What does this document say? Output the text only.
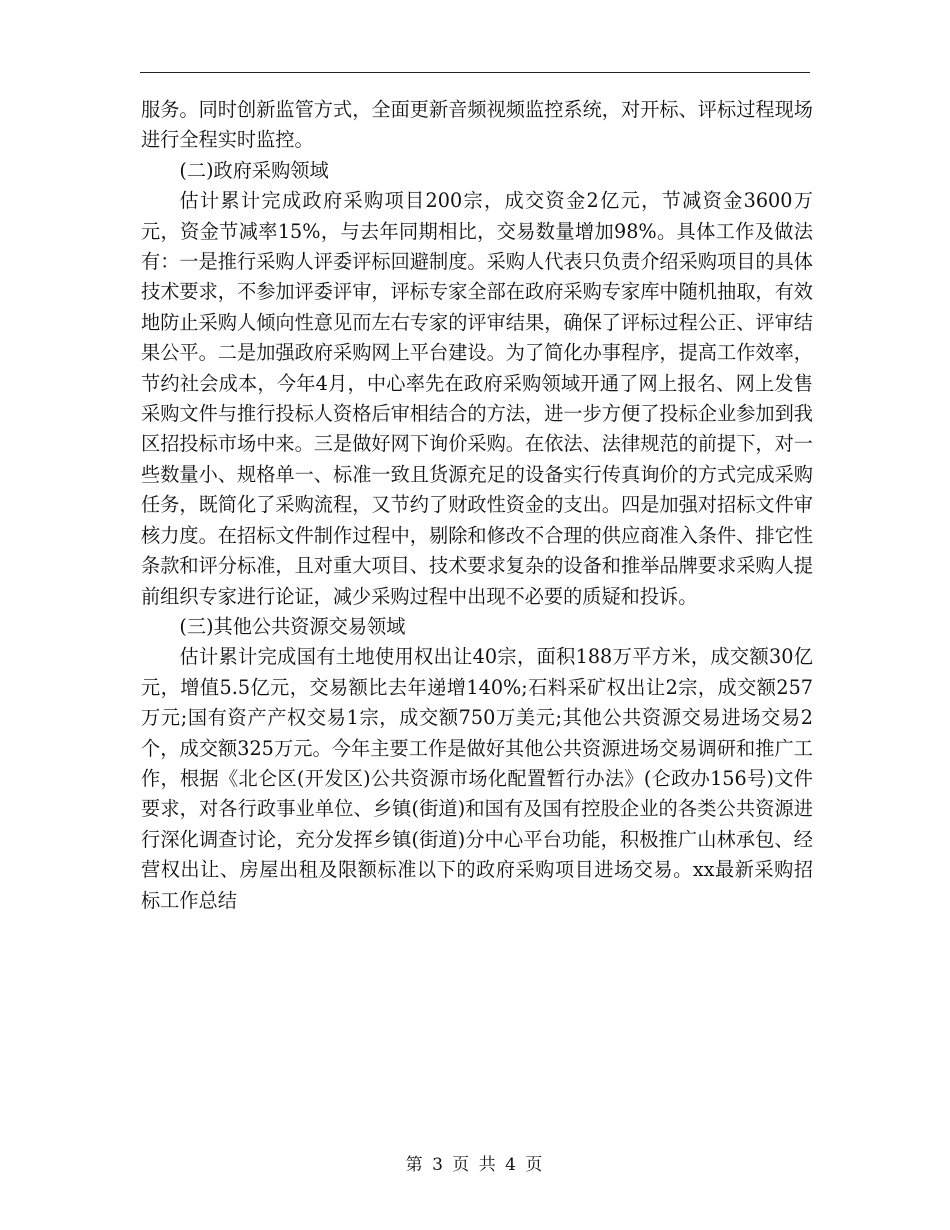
服务。同时创新监管方式，全面更新音频视频监控系统，对开标、评标过程现场进行全程实时监控。

(二)政府采购领域

估计累计完成政府采购项目200宗，成交资金2亿元，节减资金3600万元，资金节减率15%，与去年同期相比，交易数量增加98%。具体工作及做法有：一是推行采购人评委评标回避制度。采购人代表只负责介绍采购项目的具体技术要求，不参加评委评审，评标专家全部在政府采购专家库中随机抽取，有效地防止采购人倾向性意见而左右专家的评审结果，确保了评标过程公正、评审结果公平。二是加强政府采购网上平台建设。为了简化办事程序，提高工作效率，节约社会成本，今年4月，中心率先在政府采购领域开通了网上报名、网上发售采购文件与推行投标人资格后审相结合的方法，进一步方便了投标企业参加到我区招投标市场中来。三是做好网下询价采购。在依法、法律规范的前提下，对一些数量小、规格单一、标准一致且货源充足的设备实行传真询价的方式完成采购任务，既简化了采购流程，又节约了财政性资金的支出。四是加强对招标文件审核力度。在招标文件制作过程中，剔除和修改不合理的供应商准入条件、排它性条款和评分标准，且对重大项目、技术要求复杂的设备和推举品牌要求采购人提前组织专家进行论证，减少采购过程中出现不必要的质疑和投诉。

(三)其他公共资源交易领域

估计累计完成国有土地使用权出让40宗，面积188万平方米，成交额30亿元，增值5.5亿元，交易额比去年递增140%;石料采矿权出让2宗，成交额257万元;国有资产产权交易1宗，成交额750万美元;其他公共资源交易进场交易2个，成交额325万元。今年主要工作是做好其他公共资源进场交易调研和推广工作，根据《北仑区(开发区)公共资源市场化配置暂行办法》(仑政办156号)文件要求，对各行政事业单位、乡镇(街道)和国有及国有控股企业的各类公共资源进行深化调查讨论，充分发挥乡镇(街道)分中心平台功能，积极推广山林承包、经营权出让、房屋出租及限额标准以下的政府采购项目进场交易。xx最新采购招标工作总结

第 3 页 共 4 页
